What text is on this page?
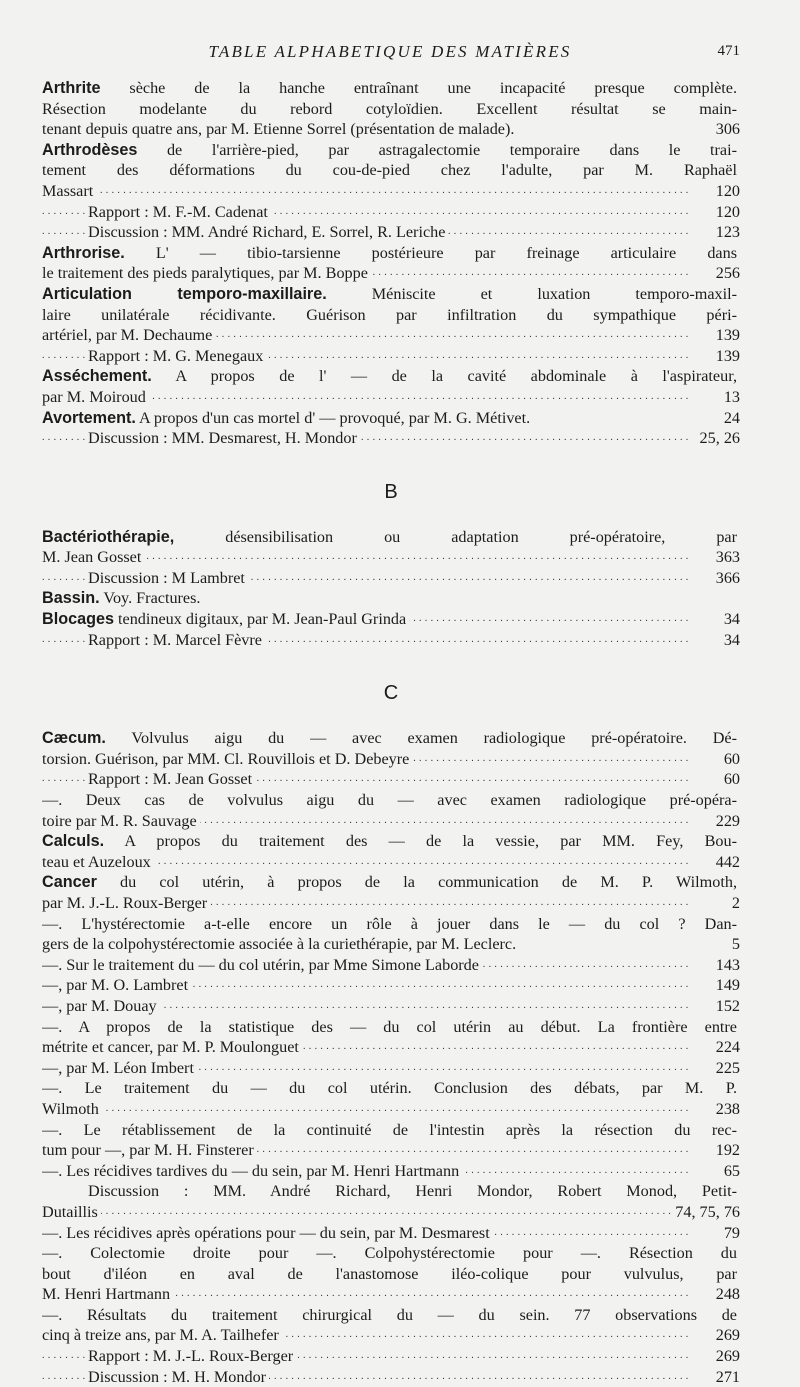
TABLE ALPHABETIQUE DES MATIÈRES	471
Arthrite sèche de la hanche entraînant une incapacité presque complète.
Résection modelante du rebord cotyloïdien. Excellent résultat se main-
tenant depuis quatre ans, par M. Etienne Sorrel (présentation de malade).	306
Arthrodèses de l'arrière-pied, par astragalectomie temporaire dans le trai-
tement des déformations du cou-de-pied chez l'adulte, par M. Raphaël
. . . Massart	120
. . . Rapport : M. F.-M. Cadenat	120
. . . Discussion : MM. André Richard, E. Sorrel, R. Leriche	123
Arthrorise. L' — tibio-tarsienne postérieure par freinage articulaire dans
. . . le traitement des pieds paralytiques, par M. Boppe	256
Articulation temporo-maxillaire. Méniscite et luxation temporo-maxil-
laire unilatérale récidivante. Guérison par infiltration du sympathique péri-
. . . artériel, par M. Dechaume	139
. . . Rapport : M. G. Menegaux	139
Asséchement. A propos de l' — de la cavité abdominale à l'aspirateur,
. . . par M. Moiroud	13
Avortement. A propos d'un cas mortel d' — provoqué, par M. G. Métivet.	24
. . . Discussion : MM. Desmarest, H. Mondor	25, 26
B
Bactériothérapie, désensibilisation ou adaptation pré-opératoire, par
. . . M. Jean Gosset	363
. . . Discussion : M Lambret	366
Bassin. Voy. Fractures.
. . . Blocages tendineux digitaux, par M. Jean-Paul Grinda	34
. . . Rapport : M. Marcel Fèvre	34
C
Cæcum. Volvulus aigu du — avec examen radiologique pré-opératoire. Dé-
. . . torsion. Guérison, par MM. Cl. Rouvillois et D. Debeyre	60
. . . Rapport : M. Jean Gosset	60
—. Deux cas de volvulus aigu du — avec examen radiologique pré-opéra-
. . . toire par M. R. Sauvage	229
Calculs. A propos du traitement des — de la vessie, par MM. Fey, Bou-
. . . teau et Auzeloux	442
Cancer du col utérin, à propos de la communication de M. P. Wilmoth,
. . . par M. J.-L. Roux-Berger	2
—. L'hystérectomie a-t-elle encore un rôle à jouer dans le — du col ? Dan-
gers de la colpohystérectomie associée à la curiethérapie, par M. Leclerc.	5
. . . —. Sur le traitement du — du col utérin, par Mme Simone Laborde	143
. . . —, par M. O. Lambret	149
. . . —, par M. Douay	152
—. A propos de la statistique des — du col utérin au début. La frontière entre
. . . métrite et cancer, par M. P. Moulonguet	224
. . . —, par M. Léon Imbert	225
—. Le traitement du — du col utérin. Conclusion des débats, par M. P.
. . . Wilmoth	238
—. Le rétablissement de la continuité de l'intestin après la résection du rec-
. . . tum pour —, par M. H. Finsterer	192
. . . —. Les récidives tardives du — du sein, par M. Henri Hartmann	65
Discussion : MM. André Richard, Henri Mondor, Robert Monod, Petit-
. . . Dutaillis	74, 75, 76
. . . —. Les récidives après opérations pour — du sein, par M. Desmarest	79
—. Colectomie droite pour —. Colpohystérectomie pour —. Résection du
bout d'iléon en aval de l'anastomose iléo-colique pour vulvulus, par
. . . M. Henri Hartmann	248
—. Résultats du traitement chirurgical du — du sein. 77 observations de
. . . cinq à treize ans, par M. A. Tailhefer	269
. . . Rapport : M. J.-L. Roux-Berger	269
. . . Discussion : M. H. Mondor	271
